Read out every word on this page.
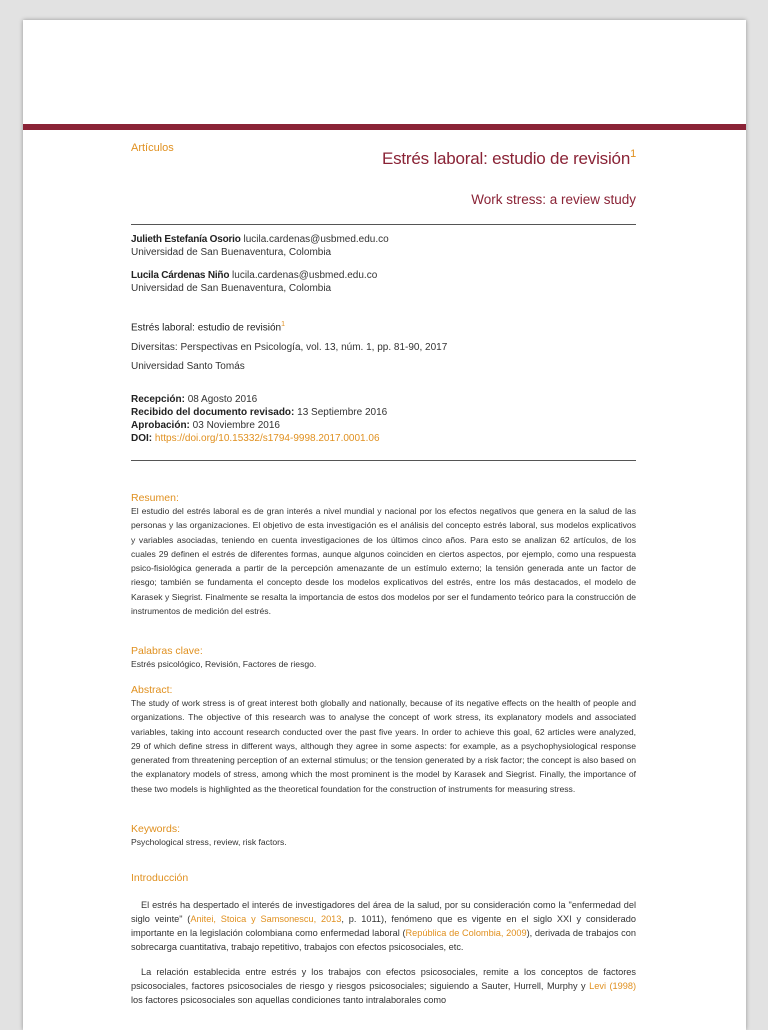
Artículos
Estrés laboral: estudio de revisión$^1$
Work stress: a review study
Julieth Estefanía Osorio lucila.cardenas@usbmed.edu.co
Universidad de San Buenaventura, Colombia
Lucila Cárdenas Niño lucila.cardenas@usbmed.edu.co
Universidad de San Buenaventura, Colombia
Estrés laboral: estudio de revisión$^1$
Diversitas: Perspectivas en Psicología, vol. 13, núm. 1, pp. 81-90, 2017
Universidad Santo Tomás
Recepción: 08 Agosto 2016
Recibido del documento revisado: 13 Septiembre 2016
Aprobación: 03 Noviembre 2016
DOI: https://doi.org/10.15332/s1794-9998.2017.0001.06
Resumen:
El estudio del estrés laboral es de gran interés a nivel mundial y nacional por los efectos negativos que genera en la salud de las personas y las organizaciones. El objetivo de esta investigación es el análisis del concepto estrés laboral, sus modelos explicativos y variables asociadas, teniendo en cuenta investigaciones de los últimos cinco años. Para esto se analizan 62 artículos, de los cuales 29 definen el estrés de diferentes formas, aunque algunos coinciden en ciertos aspectos, por ejemplo, como una respuesta psico-fisiológica generada a partir de la percepción amenazante de un estímulo externo; la tensión generada ante un factor de riesgo; también se fundamenta el concepto desde los modelos explicativos del estrés, entre los más destacados, el modelo de Karasek y Siegrist. Finalmente se resalta la importancia de estos dos modelos por ser el fundamento teórico para la construcción de instrumentos de medición del estrés.
Palabras clave:
Estrés psicológico, Revisión, Factores de riesgo.
Abstract:
The study of work stress is of great interest both globally and nationally, because of its negative effects on the health of people and organizations. The objective of this research was to analyse the concept of work stress, its explanatory models and associated variables, taking into account research conducted over the past five years. In order to achieve this goal, 62 articles were analyzed, 29 of which define stress in different ways, although they agree in some aspects: for example, as a psychophysiological response generated from threatening perception of an external stimulus; or the tension generated by a risk factor; the concept is also based on the explanatory models of stress, among which the most prominent is the model by Karasek and Siegrist. Finally, the importance of these two models is highlighted as the theoretical foundation for the construction of instruments for measuring stress.
Keywords:
Psychological stress, review, risk factors.
Introducción

El estrés ha despertado el interés de investigadores del área de la salud, por su consideración como la "enfermedad del siglo veinte" (Anitei, Stoica y Samsonescu, 2013, p. 1011), fenómeno que es vigente en el siglo XXI y considerado importante en la legislación colombiana como enfermedad laboral (República de Colombia, 2009), derivada de trabajos con sobrecarga cuantitativa, trabajo repetitivo, trabajos con efectos psicosociales, etc.

La relación establecida entre estrés y los trabajos con efectos psicosociales, remite a los conceptos de factores psicosociales, factores psicosociales de riesgo y riesgos psicosociales; siguiendo a Sauter, Hurrell, Murphy y Levi (1998) los factores psicosociales son aquellas condiciones tanto intralaborales como
